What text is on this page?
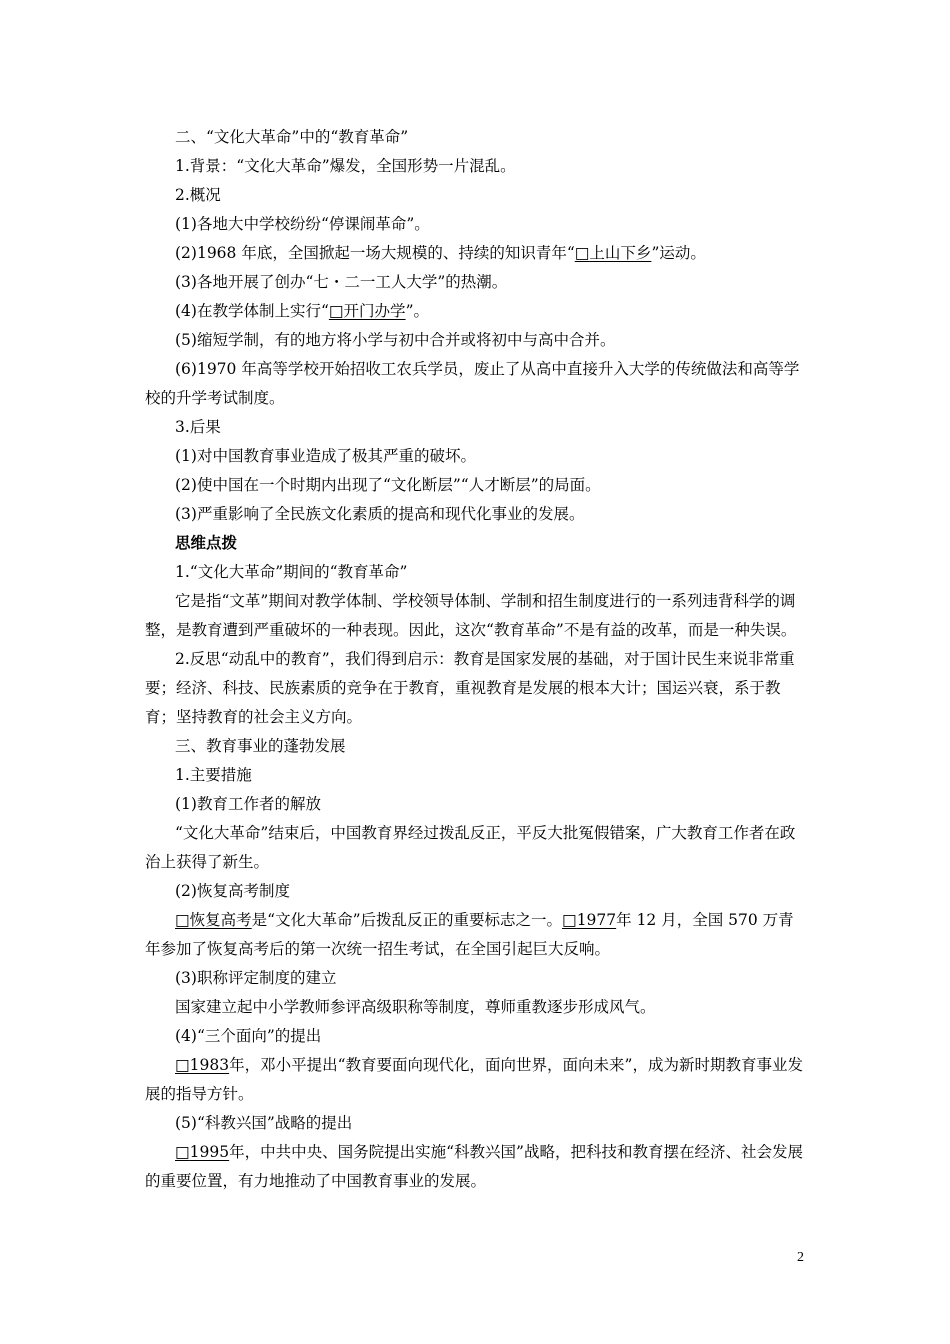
二、“文化大革命”中的“教育革命”

1.背景：“文化大革命”爆发，全国形势一片混乱。

2.概况

(1)各地大中学校纷纷“停课闹革命”。

(2)1968 年底，全国掀起一场大规模的、持续的知识青年“ □ 上山下乡”运动。

(3)各地开展了创办“七・二一工人大学”的热潮。

(4)在教学体制上实行“ □ 开门办学”。

(5)缩短学制，有的地方将小学与初中合并或将初中与高中合并。

(6)1970 年高等学校开始招收工农兵学员，废止了从高中直接升入大学的传统做法和高等学校的升学考试制度。

3.后果

(1)对中国教育事业造成了极其严重的破坏。

(2)使中国在一个时期内出现了“文化断层”“人才断层”的局面。

(3)严重影响了全民族文化素质的提高和现代化事业的发展。

思维点拨

1.“文化大革命”期间的“教育革命”

它是指“文革”期间对教学体制、学校领导体制、学制和招生制度进行的一系列违背科学的调整，是教育遭到严重破坏的一种表现。因此，这次“教育革命”不是有益的改革，而是一种失误。

2.反思“动乱中的教育”，我们得到启示：教育是国家发展的基础，对于国计民生来说非常重要；经济、科技、民族素质的竞争在于教育，重视教育是发展的根本大计；国运兴衰，系于教育；坚持教育的社会主义方向。

三、教育事业的蓬勃发展

1.主要措施

(1)教育工作者的解放

“文化大革命”结束后，中国教育界经过拨乱反正，平反大批冤假错案，广大教育工作者在政治上获得了新生。

(2)恢复高考制度

□ 恢复高考是“文化大革命”后拨乱反正的重要标志之一。 □ 1977年 12 月，全国 570 万青年参加了恢复高考后的第一次统一招生考试，在全国引起巨大反响。

(3)职称评定制度的建立

国家建立起中小学教师参评高级职称等制度，尊师重教逐步形成风气。

(4)“三个面向”的提出

□ 1983年，邓小平提出“教育要面向现代化，面向世界，面向未来”，成为新时期教育事业发展的指导方针。

(5)“科教兴国”战略的提出

□ 1995年，中共中央、国务院提出实施“科教兴国”战略，把科技和教育摆在经济、社会发展的重要位置，有力地推动了中国教育事业的发展。

2
